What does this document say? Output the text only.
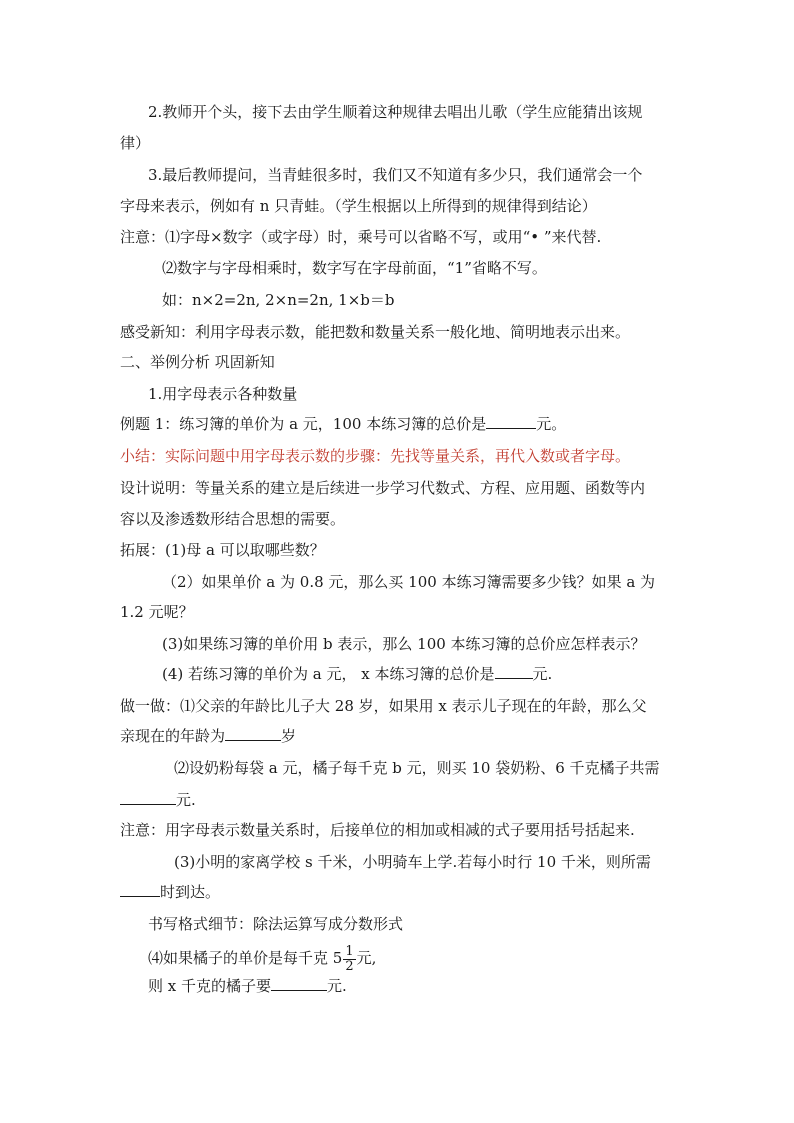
2.教师开个头，接下去由学生顺着这种规律去唱出儿歌（学生应能猜出该规
律）
3.最后教师提问，当青蛙很多时，我们又不知道有多少只，我们通常会一个
字母来表示，例如有 n 只青蛙。（学生根据以上所得到的规律得到结论）
注意：⑴字母×数字（或字母）时，乘号可以省略不写，或用“• ”来代替.
⑵数字与字母相乘时，数字写在字母前面，“1”省略不写。
如：n×2=2n, 2×n=2n, 1×b＝b
感受新知：利用字母表示数，能把数和数量关系一般化地、简明地表示出来。
二、举例分析 巩固新知
1.用字母表示各种数量
例题 1：练习簿的单价为 a 元，100 本练习簿的总价是	元。
小结：实际问题中用字母表示数的步骤：先找等量关系，再代入数或者字母。
设计说明：等量关系的建立是后续进一步学习代数式、方程、应用题、函数等内
容以及渗透数形结合思想的需要。
拓展：(1)母 a 可以取哪些数？
（2）如果单价 a 为 0.8 元，那么买 100 本练习簿需要多少钱？如果 a 为
1.2 元呢？
(3)如果练习簿的单价用 b 表示，那么 100 本练习簿的总价应怎样表示？
(4) 若练习簿的单价为 a 元， x 本练习簿的总价是	元.
做一做：⑴父亲的年龄比儿子大 28 岁，如果用 x 表示儿子现在的年龄，那么父
亲现在的年龄为	岁
⑵设奶粉每袋 a 元，橘子每千克 b 元，则买 10 袋奶粉、6 千克橘子共需
元.
注意：用字母表示数量关系时，后接单位的相加或相减的式子要用括号括起来.
(3)小明的家离学校 s 千米，小明骑车上学.若每小时行 10 千米，则所需
时到达。
书写格式细节：除法运算写成分数形式
⑷如果橘子的单价是每千克 $5 \frac{1}{2}$ 元,
则 x 千克的橘子要	元.
